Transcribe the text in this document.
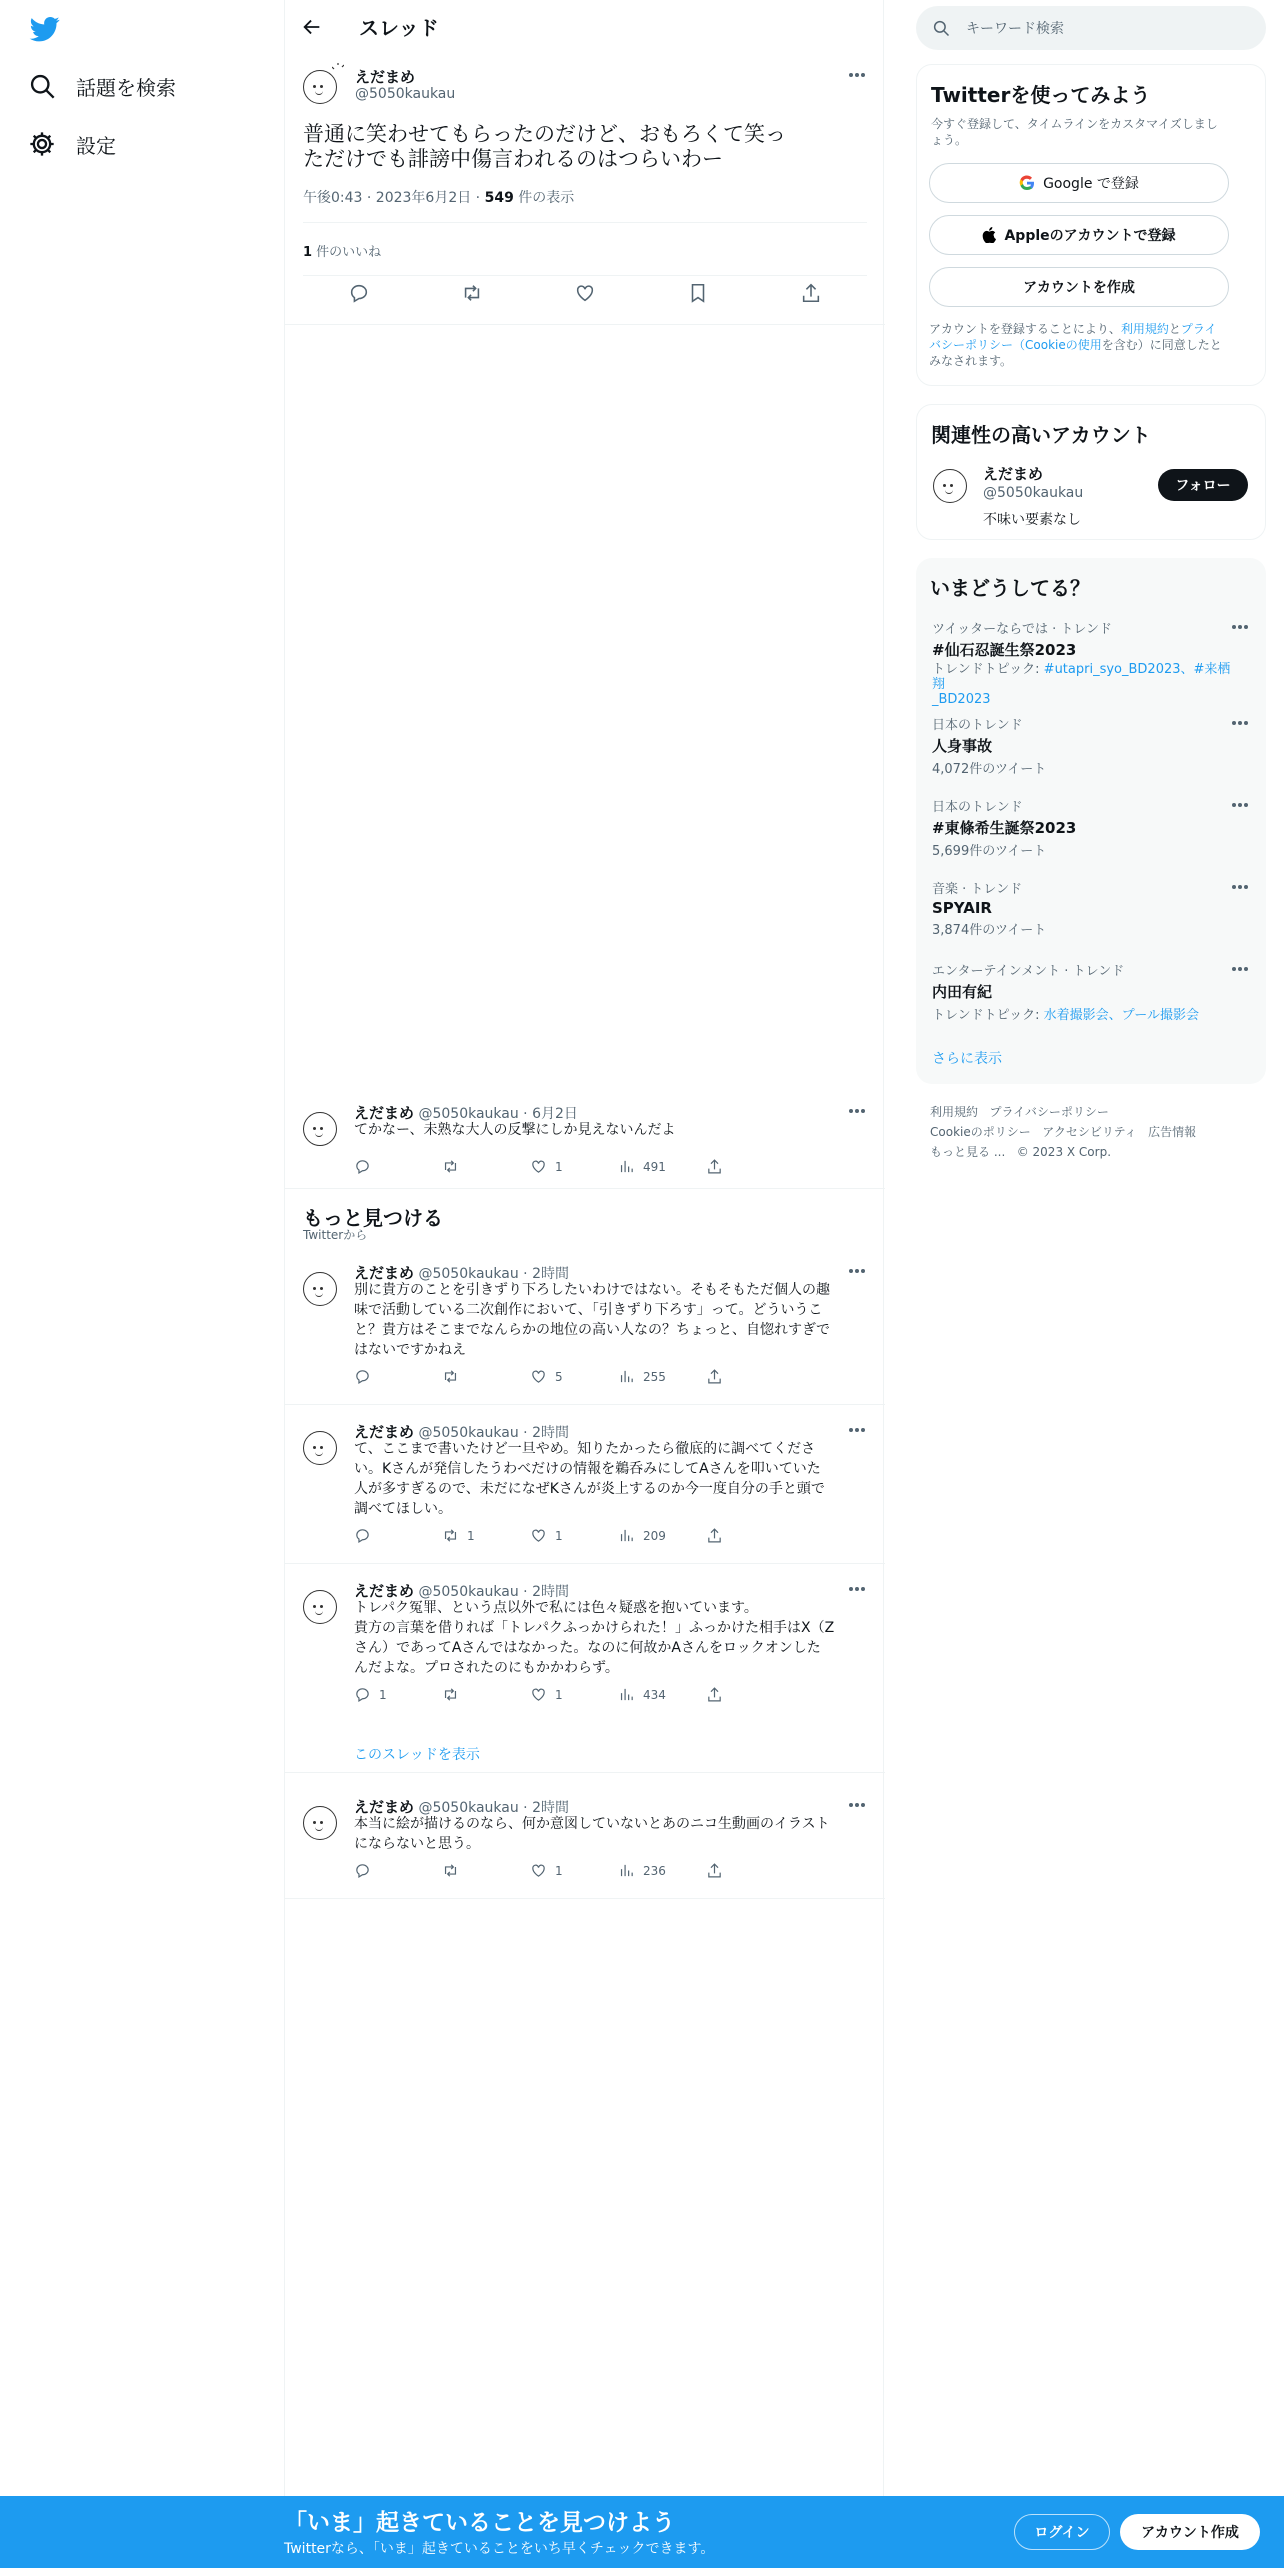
話題を検索
設定
スレッド
えだまめ
@5050kaukau
普通に笑わせてもらったのだけど、おもろくて笑っ
ただけでも誹謗中傷言われるのはつらいわー
午後0:43 · 2023年6月2日 · 549 件の表示
1 件のいいね
えだまめ @5050kaukau · 6月2日
てかなー、未熟な大人の反撃にしか見えないんだよ
1	491
もっと見つける
Twitterから
えだまめ @5050kaukau · 2時間
別に貴方のことを引きずり下ろしたいわけではない。そもそもただ個人の趣
味で活動している二次創作において、「引きずり下ろす」って。どういうこ
と？貴方はそこまでなんらかの地位の高い人なの？ちょっと、自惚れすぎで
はないですかねえ
5	255
えだまめ @5050kaukau · 2時間
て、ここまで書いたけど一旦やめ。知りたかったら徹底的に調べてくださ
い。Kさんが発信したうわべだけの情報を鵜呑みにしてAさんを叩いていた
人が多すぎるので、未だになぜKさんが炎上するのか今一度自分の手と頭で
調べてほしい。
1	1	209
えだまめ @5050kaukau · 2時間
トレパク冤罪、という点以外で私には色々疑惑を抱いています。
貴方の言葉を借りれば「トレパクふっかけられた！」ふっかけた相手はX（Z
さん）であってAさんではなかった。なのに何故かAさんをロックオンした
んだよな。プロされたのにもかかわらず。
1	1	434
えだまめ @5050kaukau · 2時間
本当に絵が描けるのなら、何か意図していないとあのニコ生動画のイラスト
にならないと思う。
1	236
このスレッドを表示
キーワード検索
Twitterを使ってみよう
今すぐ登録して、タイムラインをカスタマイズしまし
ょう。
Google で登録
Appleのアカウントで登録
アカウントを作成
アカウントを登録することにより、利用規約とプライ
バシーポリシー（Cookieの使用を含む）に同意したと
みなされます。
関連性の高いアカウント
えだまめ
@5050kaukau
不味い要素なし
フォロー
いまどうしてる？
ツイッターならでは · トレンド
#仙石忍誕生祭2023
トレンドトピック: #utapri_syo_BD2023、#来栖翔
_BD2023
日本のトレンド
人身事故
4,072件のツイート
日本のトレンド
#東條希生誕祭2023
5,699件のツイート
音楽 · トレンド
SPYAIR
3,874件のツイート
エンターテインメント · トレンド
内田有紀
トレンドトピック: 水着撮影会、プール撮影会
さらに表示
利用規約 プライバシーポリシー
Cookieのポリシー アクセシビリティ 広告情報
もっと見る ... © 2023 X Corp.
「いま」起きていることを見つけよう
Twitterなら、「いま」起きていることをいち早くチェックできます。
ログイン	アカウント作成
